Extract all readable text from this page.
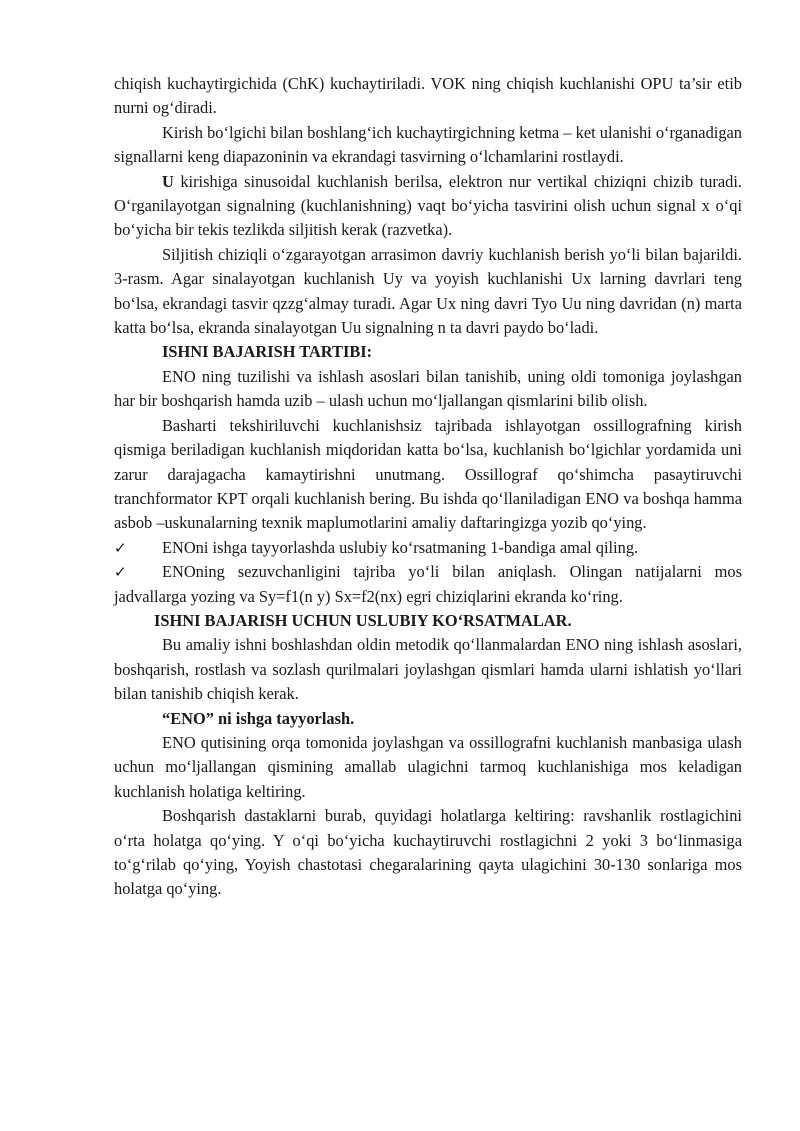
chiqish kuchaytirgichida (ChK) kuchaytiriladi. VOK ning chiqish kuchlanishi OPU ta’sir etib nurni og‘diradi.

Kirish bo‘lgichi bilan boshlang‘ich kuchaytirgichning ketma – ket ulanishi o‘rganadigan signallarni keng diapazoninin va ekrandagi tasvirning o‘lchamlarini rostlaydi.

U kirishiga sinusoidal kuchlanish berilsa, elektron nur vertikal chiziqni chizib turadi. O‘rganilayotgan signalning (kuchlanishning) vaqt bo‘yicha tasvirini olish uchun signal x o‘qi bo‘yicha bir tekis tezlikda siljitish kerak (razvetka).

Siljitish chiziqli o‘zgarayotgan arrasimon davriy kuchlanish berish yo‘li bilan bajarildi. 3-rasm. Agar sinalayotgan kuchlanish Uy va yoyish kuchlanishi Ux larning davrlari teng bo‘lsa, ekrandagi tasvir qzzg‘almay turadi. Agar Ux ning davri Tyo Uu ning davridan (n) marta katta bo‘lsa, ekranda sinalayotgan Uu signalning n ta davri paydo bo‘ladi.

ISHNI BAJARISH TARTIBI:

ENO ning tuzilishi va ishlash asoslari bilan tanishib, uning oldi tomoniga joylashgan har bir boshqarish hamda uzib – ulash uchun mo‘ljallangan qismlarini bilib olish.

Basharti tekshiriluvchi kuchlanishsiz tajribada ishlayotgan ossillografning kirish qismiga beriladigan kuchlanish miqdoridan katta bo‘lsa, kuchlanish bo‘lgichlar yordamida uni zarur darajagacha kamaytirishni unutmang. Ossillograf qo‘shimcha pasaytiruvchi tranchformator KPT orqali kuchlanish bering. Bu ishda qo‘llaniladigan ENO va boshqa hamma asbob –uskunalarning texnik maplumotlarini amaliy daftaringizga yozib qo‘ying.

✓ ENOni ishga tayyorlashda uslubiy ko‘rsatmaning 1-bandiga amal qiling.

✓ ENOning sezuvchanligini tajriba yo‘li bilan aniqlash. Olingan natijalarni mos jadvallarga yozing va Sy=f1(n y) Sx=f2(nx) egri chiziqlarini ekranda ko‘ring.

ISHNI BAJARISH UCHUN USLUBIY KO‘RSATMALAR.

Bu amaliy ishni boshlashdan oldin metodik qo‘llanmalardan ENO ning ishlash asoslari, boshqarish, rostlash va sozlash qurilmalari joylashgan qismlari hamda ularni ishlatish yo‘llari bilan tanishib chiqish kerak.

“ENO” ni ishga tayyorlash.

ENO qutisining orqa tomonida joylashgan va ossillografni kuchlanish manbasiga ulash uchun mo‘ljallangan qismining amallab ulagichni tarmoq kuchlanishiga mos keladigan kuchlanish holatiga keltiring.

Boshqarish dastaklarni burab, quyidagi holatlarga keltiring: ravshanlik rostlagichini o‘rta holatga qo‘ying. Y o‘qi bo‘yicha kuchaytiruvchi rostlagichni 2 yoki 3 bo‘linmasiga to‘g‘rilab qo‘ying, Yoyish chastotasi chegaralarining qayta ulagichini 30-130 sonlariga mos holatga qo‘ying.
